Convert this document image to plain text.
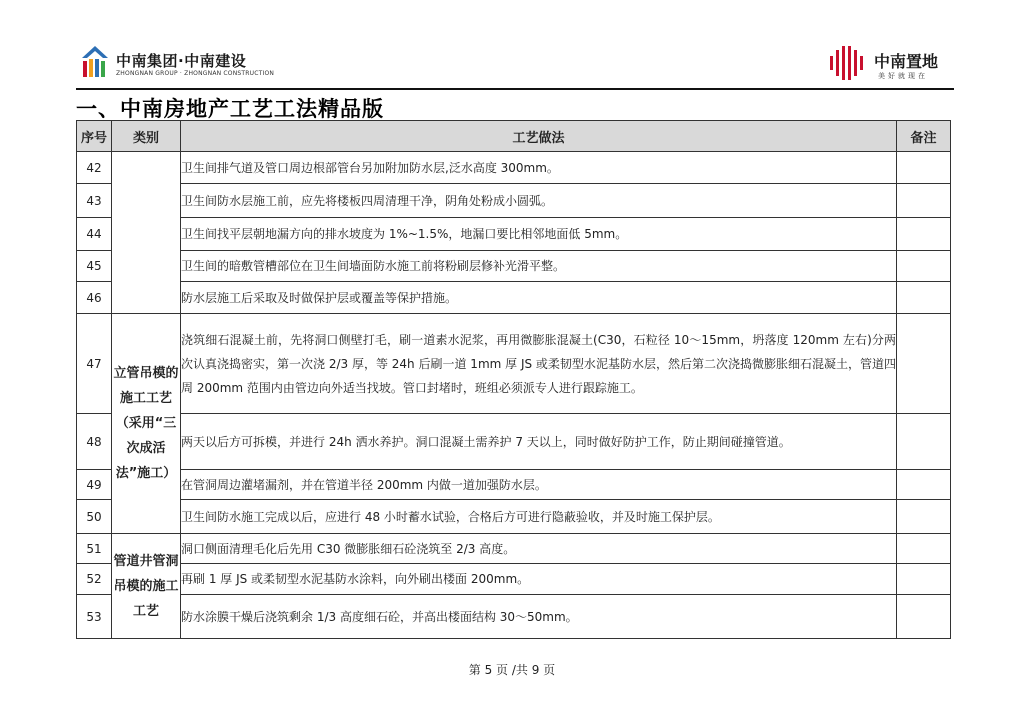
中南集团·中南建设
ZHONGNAN GROUP · ZHONGNAN CONSTRUCTION
中南置地
美好就现在
一、中南房地产工艺工法精品版
序号	类别	工艺做法	备注
42		卫生间排气道及管口周边根部管台另加附加防水层,泛水高度 300mm。	
43		卫生间防水层施工前，应先将楼板四周清理干净，阴角处粉成小圆弧。	
44		卫生间找平层朝地漏方向的排水坡度为 1%~1.5%，地漏口要比相邻地面低 5mm。	
45		卫生间的暗敷管槽部位在卫生间墙面防水施工前将粉刷层修补光滑平整。	
46		防水层施工后采取及时做保护层或覆盖等保护措施。	
47	立管吊模的施工工艺（采用“三次成活法”施工）	浇筑细石混凝土前，先将洞口侧壁打毛，刷一道素水泥浆，再用微膨胀混凝土(C30，石粒径 10～15mm，坍落度 120mm 左右)分两次认真浇捣密实，第一次浇 2/3 厚，等 24h 后刷一道 1mm 厚 JS 或柔韧型水泥基防水层，然后第二次浇捣微膨胀细石混凝土，管道四周 200mm 范围内由管边向外适当找坡。管口封堵时，班组必须派专人进行跟踪施工。	
48		两天以后方可拆模，并进行 24h 洒水养护。洞口混凝土需养护 7 天以上，同时做好防护工作，防止期间碰撞管道。	
49		在管洞周边灌堵漏剂，并在管道半径 200mm 内做一道加强防水层。	
50		卫生间防水施工完成以后，应进行 48 小时蓄水试验，合格后方可进行隐蔽验收，并及时施工保护层。	
51	管道井管洞吊模的施工工艺	洞口侧面清理毛化后先用 C30 微膨胀细石砼浇筑至 2/3 高度。	
52		再刷 1 厚 JS 或柔韧型水泥基防水涂料，向外刷出楼面 200mm。	
53		防水涂膜干燥后浇筑剩余 1/3 高度细石砼，并高出楼面结构 30～50mm。	
第 5 页 /共 9 页
